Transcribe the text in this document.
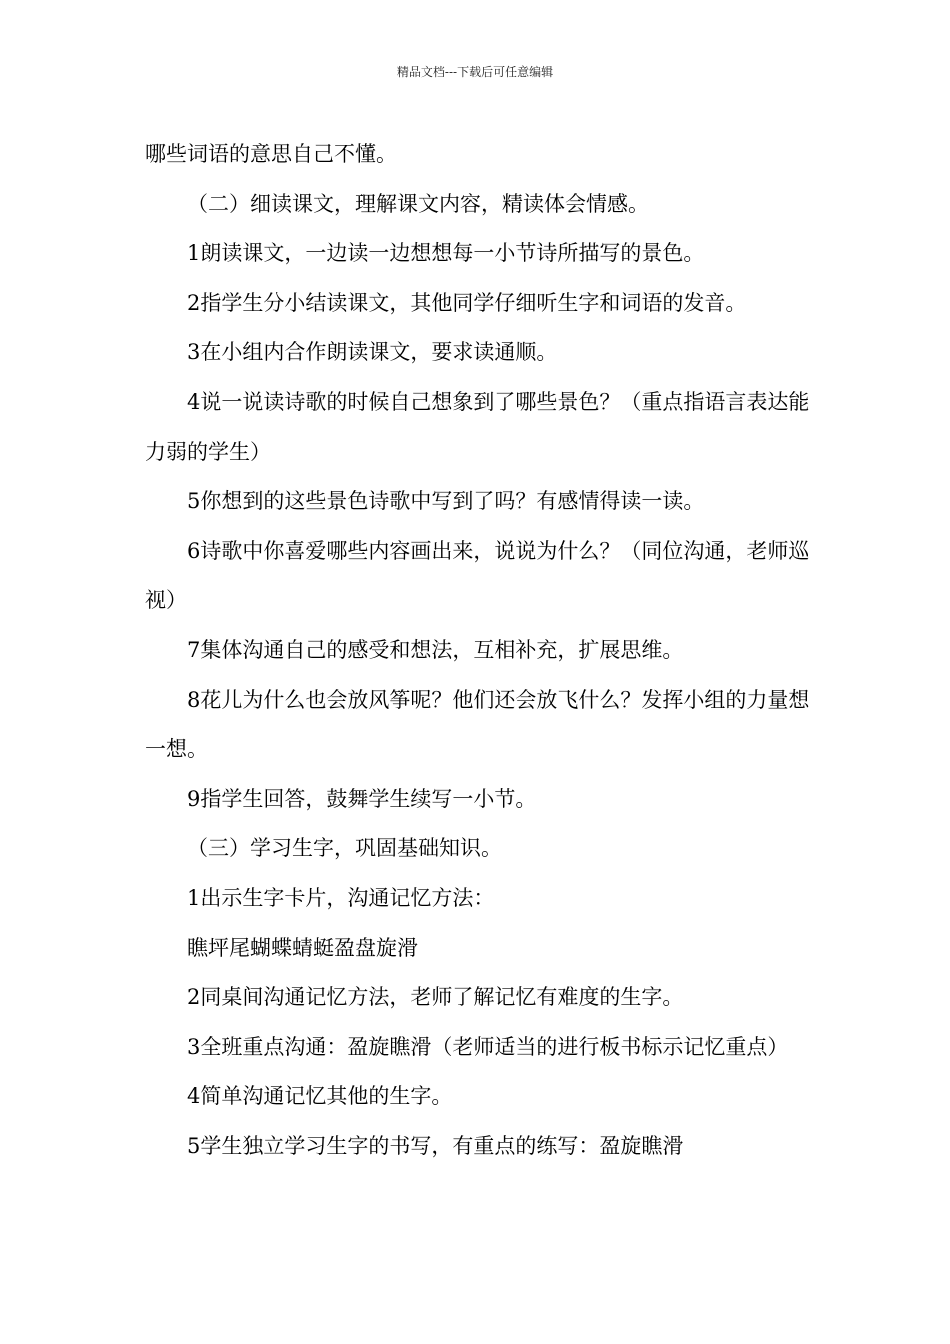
精品文档---下载后可任意编辑

哪些词语的意思自己不懂。

（二）细读课文，理解课文内容，精读体会情感。

1朗读课文，一边读一边想想每一小节诗所描写的景色。

2指学生分小结读课文，其他同学仔细听生字和词语的发音。

3在小组内合作朗读课文，要求读通顺。

4说一说读诗歌的时候自己想象到了哪些景色？（重点指语言表达能力弱的学生）

5你想到的这些景色诗歌中写到了吗？有感情得读一读。

6诗歌中你喜爱哪些内容画出来，说说为什么？（同位沟通，老师巡视）

7集体沟通自己的感受和想法，互相补充，扩展思维。

8花儿为什么也会放风筝呢？他们还会放飞什么？发挥小组的力量想一想。

9指学生回答，鼓舞学生续写一小节。

（三）学习生字，巩固基础知识。

1出示生字卡片，沟通记忆方法：

瞧坪尾蝴蝶蜻蜓盈盘旋滑

2同桌间沟通记忆方法，老师了解记忆有难度的生字。

3全班重点沟通：盈旋瞧滑（老师适当的进行板书标示记忆重点）

4简单沟通记忆其他的生字。

5学生独立学习生字的书写，有重点的练写：盈旋瞧滑
